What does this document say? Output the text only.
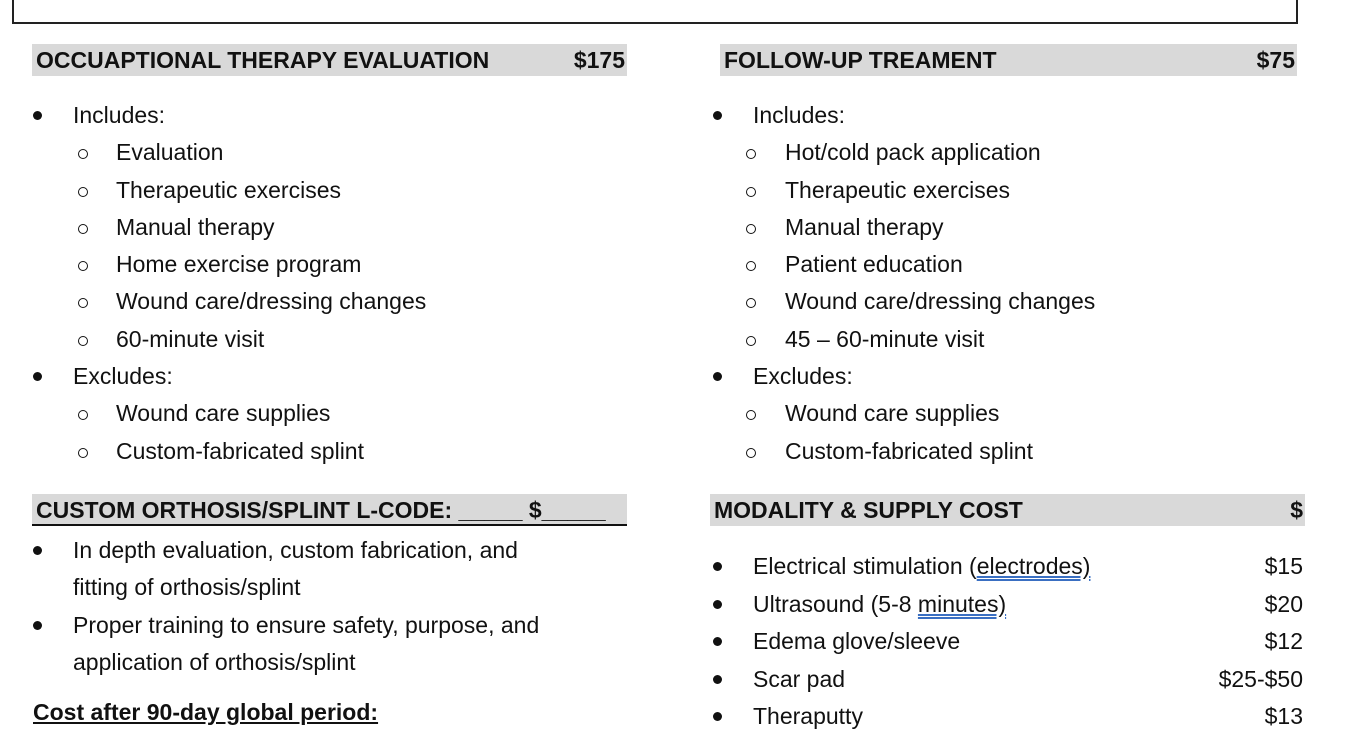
OCCUAPTIONAL THERAPY EVALUATION	$175
Includes:
Evaluation
Therapeutic exercises
Manual therapy
Home exercise program
Wound care/dressing changes
60-minute visit
Excludes:
Wound care supplies
Custom-fabricated splint
FOLLOW-UP TREAMENT	$75
Includes:
Hot/cold pack application
Therapeutic exercises
Manual therapy
Patient education
Wound care/dressing changes
45 – 60-minute visit
Excludes:
Wound care supplies
Custom-fabricated splint
CUSTOM ORTHOSIS/SPLINT L-CODE: _____ $_____
In depth evaluation, custom fabrication, and
fitting of orthosis/splint
Proper training to ensure safety, purpose, and
application of orthosis/splint
Cost after 90-day global period:
MODALITY & SUPPLY COST	$
Electrical stimulation (electrodes)	$15
Ultrasound (5-8 minutes)	$20
Edema glove/sleeve	$12
Scar pad	$25-$50
Theraputty	$13
